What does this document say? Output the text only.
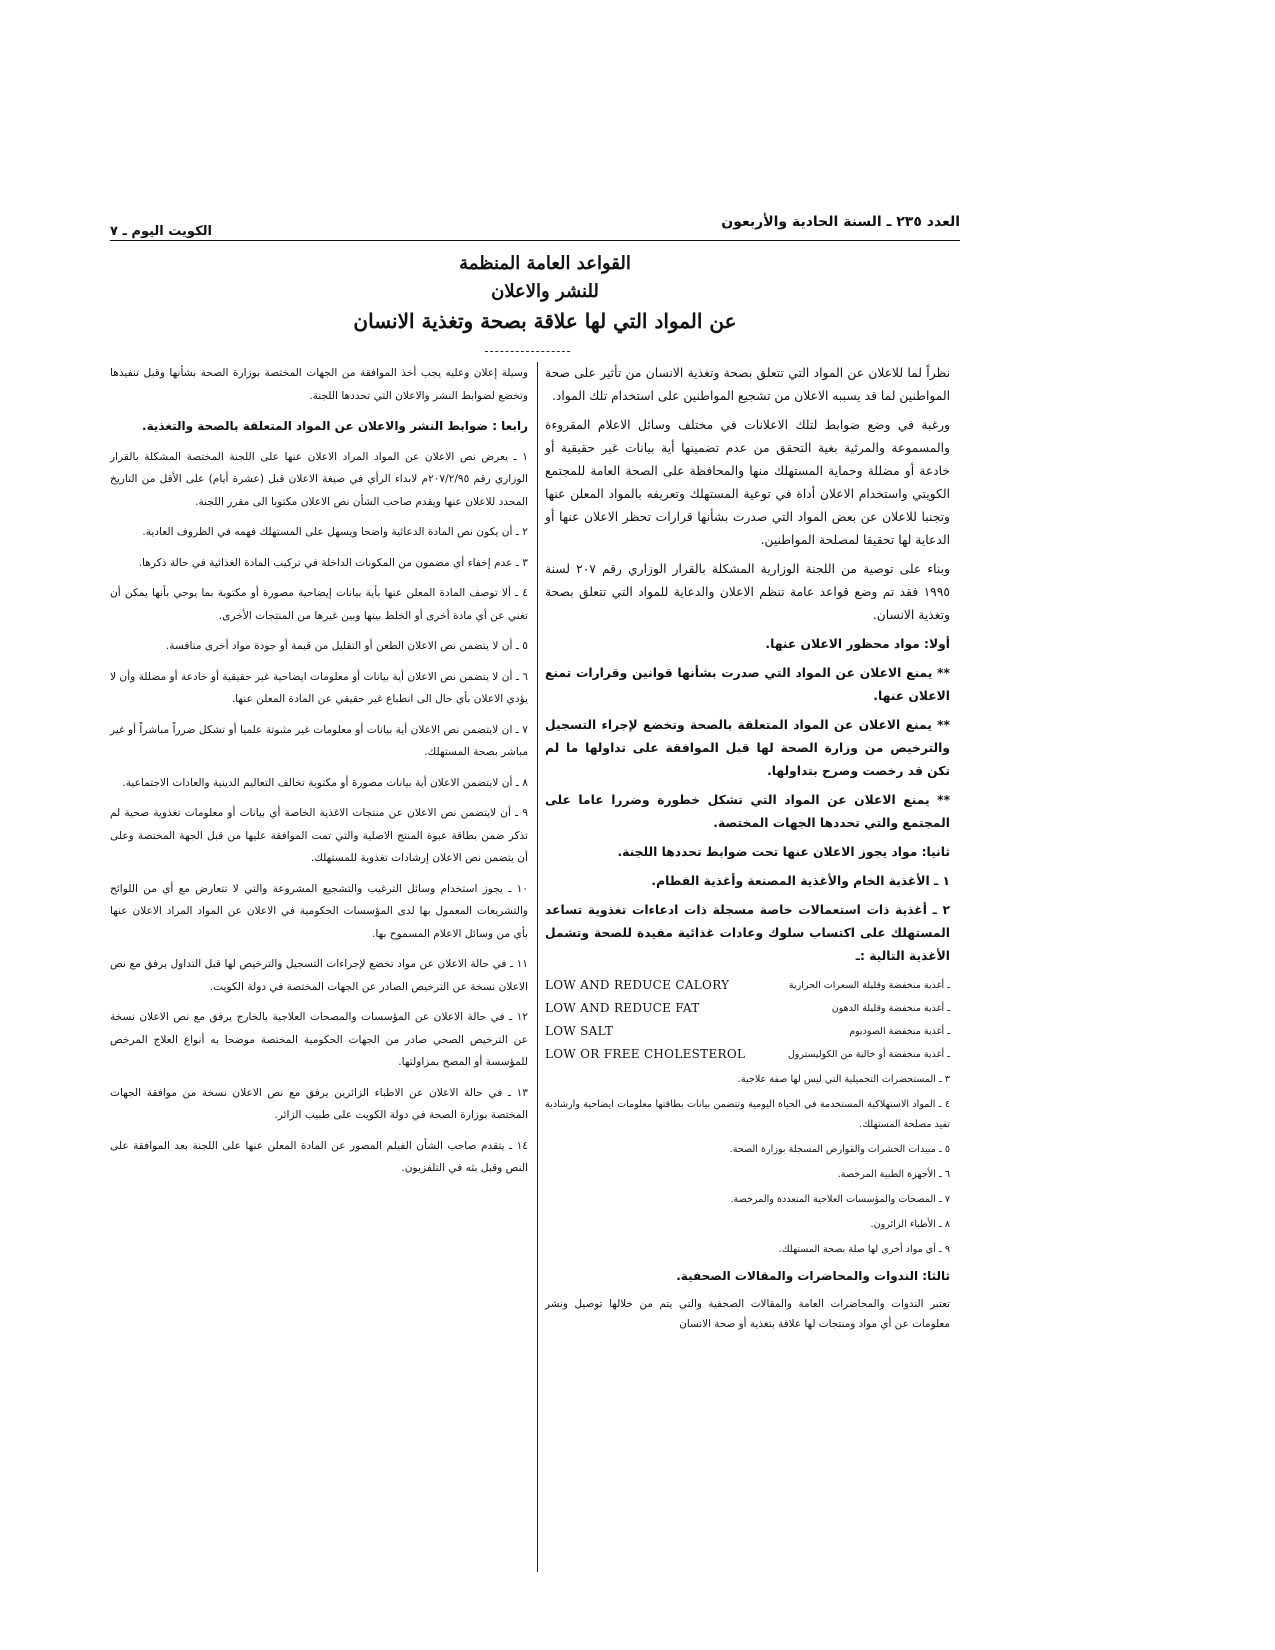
العدد ٢٣٥ ـ السنة الحادية والأربعون
الكويت اليوم ـ ٧
القواعد العامة المنظمة
للنشر والاعلان
عن المواد التي لها علاقة بصحة وتغذية الانسان

نظراً لما للاعلان عن المواد التي تتعلق بصحة وتغذية الانسان من تأثير على صحة المواطنين لما قد يسببه الاعلان من تشجيع المواطنين على استخدام تلك المواد.

ورغبة في وضع ضوابط لتلك الاعلانات في مختلف وسائل الاعلام المقروءة والمسموعة والمرئية بغية التحقق من عدم تضمينها أية بيانات غير حقيقية أو خادعة أو مضللة وحماية المستهلك منها والمحافظة على الصحة العامة للمجتمع الكويتي واستخدام الاعلان أداة في توعية المستهلك وتعريفه بالمواد المعلن عنها وتجنبا للاعلان عن بعض المواد التي صدرت بشأنها قرارات تحظر الاعلان عنها أو الدعاية لها تحقيقا لمصلحة المواطنين.

وبناء على توصية من اللجنة الوزارية المشكلة بالقرار الوزاري رقم ٢٠٧ لسنة ١٩٩٥ فقد تم وضع قواعد عامة تنظم الاعلان والدعاية للمواد التي تتعلق بصحة وتغذية الانسان.

أولا: مواد محظور الاعلان عنها.

** يمنع الاعلان عن المواد التي صدرت بشأنها قوانين وقرارات تمنع الاعلان عنها.

** يمنع الاعلان عن المواد المتعلقة بالصحة وتخضع لإجراء التسجيل والترخيص من وزارة الصحة لها قبل الموافقة على تداولها ما لم تكن قد رخصت وصرح بتداولها.

** يمنع الاعلان عن المواد التي تشكل خطورة وضررا عاما على المجتمع والتي تحددها الجهات المختصة.

ثانيا: مواد يجوز الاعلان عنها تحت ضوابط تحددها اللجنة.

١ ـ الأغذية الخام والأغذية المصنعة وأغذية الفطام.

٢ ـ أغذية ذات استعمالات خاصة مسجلة ذات ادعاءات تغذوية تساعد المستهلك على اكتساب سلوك وعادات غذائية مفيدة للصحة وتشمل الأغذية التالية :ـ

ـ أغذية منخفضة وقليلة السعرات الحرارية	LOW AND REDUCE CALORY
ـ أغذية منخفضة وقليلة الدهون	LOW AND REDUCE FAT
ـ أغذية منخفضة الصوديوم	LOW SALT
ـ أغذية منخفضة أو خالية من الكوليسترول	LOW OR FREE CHOLESTEROL

٣ ـ المستحضرات التجميلية التي ليس لها صفة علاجية.

٤ ـ المواد الاستهلاكية المستخدمة في الحياة اليومية وتتضمن بيانات بطاقتها معلومات ايضاحية وارشادية تفيد مصلحة المستهلك.

٥ ـ مبيدات الحشرات والقوارض المسجلة بوزارة الصحة.

٦ ـ الأجهزة الطبية المرخصة.

٧ ـ المصحات والمؤسسات العلاجية المتعددة والمرخصة.

٨ ـ الأطباء الزائرون.

٩ ـ أي مواد أخرى لها صلة بصحة المستهلك.

ثالثا: الندوات والمحاضرات والمقالات الصحفية.

تعتبر الندوات والمحاضرات العامة والمقالات الصحفية والتي يتم من خلالها توصيل ونشر معلومات عن أي مواد ومنتجات لها علاقة بتغذية أو صحة الانسان

وسيلة إعلان وعليه يجب أخذ الموافقة من الجهات المختصة بوزارة الصحة بشأنها وقبل تنفيذها وتخضع لضوابط النشر والاعلان التي تحددها اللجنة.

رابعا : ضوابط النشر والاعلان عن المواد المتعلقة بالصحة والتغذية.

١ ـ يعرض نص الاعلان عن المواد المراد الاعلان عنها على اللجنة المختصة المشكلة بالقرار الوزاري رقم ٢٠٧/٢/٩٥م لابداء الرأي في صيغة الاعلان قبل (عشرة أيام) على الأقل من التاريخ المحدد للاعلان عنها ويقدم صاحب الشأن نص الاعلان مكتوبا الى مقرر اللجنة.

٢ ـ أن يكون نص المادة الدعائية واضحا ويسهل على المستهلك فهمه في الظروف العادية.

٣ ـ عدم إخفاء أي مضمون من المكونات الداخلة في تركيب المادة الغذائية في حالة ذكرها.

٤ ـ ألا توصف المادة المعلن عنها بأية بيانات إيضاحية مصورة أو مكتوبة بما يوحي بأنها يمكن أن تغني عن أي مادة أخرى أو الخلط بينها وبين غيرها من المنتجات الأخرى.

٥ ـ أن لا يتضمن نص الاعلان الطعن أو التقليل من قيمة أو جودة مواد أخرى منافسة.

٦ ـ أن لا يتضمن نص الاعلان أية بيانات أو معلومات ايضاحية غير حقيقية أو خادعة أو مضللة وأن لا يؤدي الاعلان بأي حال الى انطباع غير حقيقي عن المادة المعلن عنها.

٧ ـ ان لايتضمن نص الاعلان أية بيانات أو معلومات غير مثبوتة علميا أو تشكل ضرراً مباشراً أو غير مباشر بصحة المستهلك.

٨ ـ أن لايتضمن الاعلان أية بيانات مصورة أو مكتوبة تخالف التعاليم الدينية والعادات الاجتماعية.

٩ ـ أن لايتضمن نص الاعلان عن منتجات الاغذية الخاصة أي بيانات أو معلومات تغذوية صحية لم تذكر ضمن بطاقة عبوة المنتج الاصلية والتي تمت الموافقة عليها من قبل الجهة المختصة وعلى أن يتضمن نص الاعلان إرشادات تغذوية للمستهلك.

١٠ ـ يجوز استخدام وسائل الترغيب والتشجيع المشروعة والتي لا تتعارض مع أي من اللوائح والتشريعات المعمول بها لدى المؤسسات الحكومية في الاعلان عن المواد المراد الاعلان عنها بأي من وسائل الاعلام المسموح بها.

١١ ـ في حالة الاعلان عن مواد تخضع لإجراءات التسجيل والترخيص لها قبل التداول يرفق مع نص الاعلان نسخة عن الترخيص الصادر عن الجهات المختصة في دولة الكويت.

١٢ ـ في حالة الاعلان عن المؤسسات والمصحات العلاجية بالخارج يرفق مع نص الاعلان نسخة عن الترخيص الصحي صادر من الجهات الحكومية المختصة موضحا به أنواع العلاج المرخص للمؤسسة أو المصح بمزاولتها.

١٣ ـ في حالة الاعلان عن الاطباء الزائرين يرفق مع نص الاعلان نسخة من موافقة الجهات المختصة بوزارة الصحة في دولة الكويت على طبيب الزائر.

١٤ ـ يتقدم صاحب الشأن الفيلم المصور عن المادة المعلن عنها على اللجنة بعد الموافقة على النص وقبل بثه في التلفزيون.
